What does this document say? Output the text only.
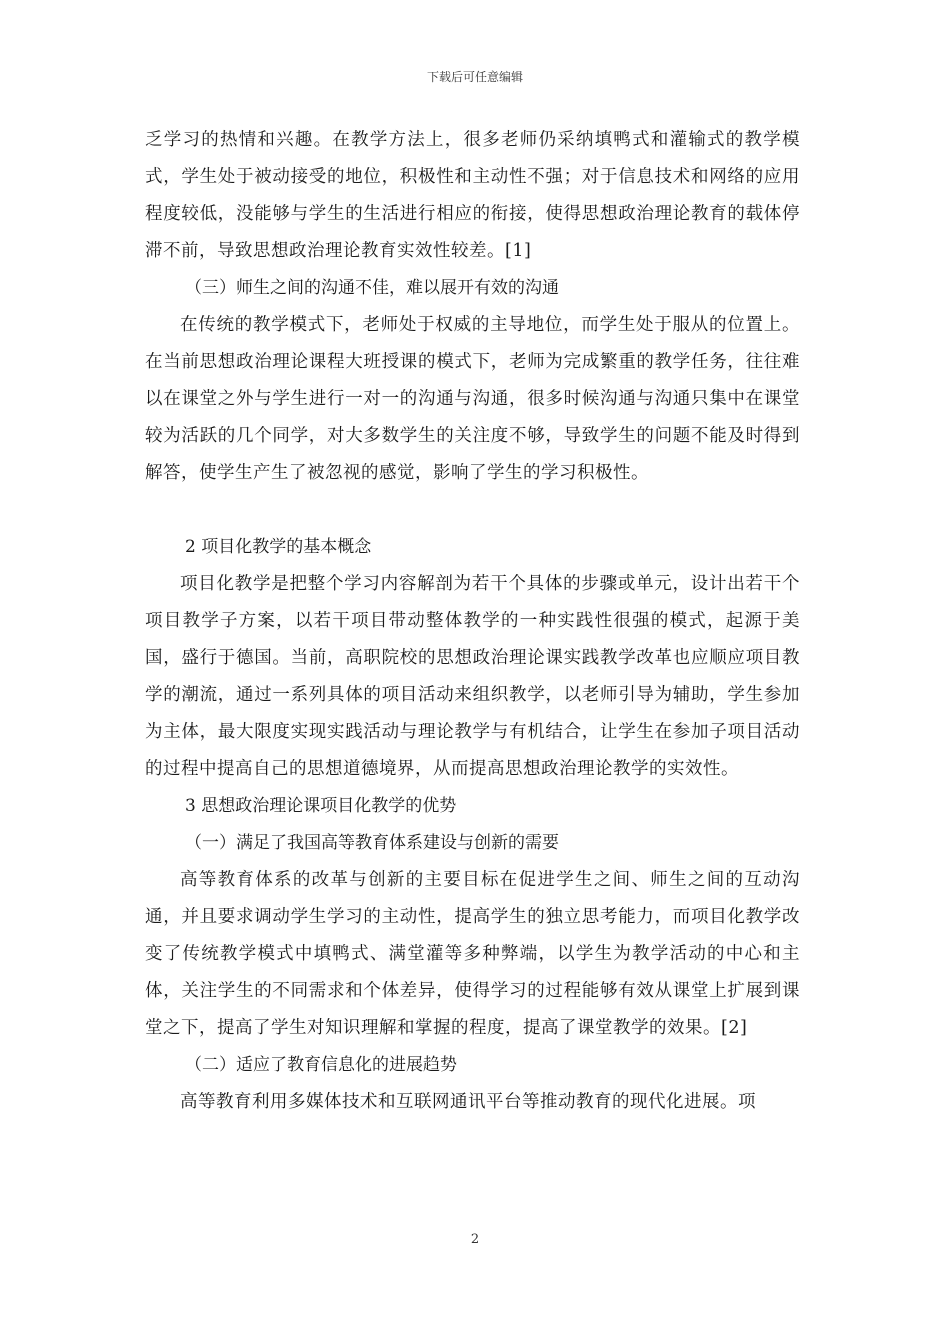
下载后可任意编辑

乏学习的热情和兴趣。在教学方法上，很多老师仍采纳填鸭式和灌输式的教学模式，学生处于被动接受的地位，积极性和主动性不强；对于信息技术和网络的应用程度较低，没能够与学生的生活进行相应的衔接，使得思想政治理论教育的载体停滞不前，导致思想政治理论教育实效性较差。[1]

（三）师生之间的沟通不佳，难以展开有效的沟通

在传统的教学模式下，老师处于权威的主导地位，而学生处于服从的位置上。在当前思想政治理论课程大班授课的模式下，老师为完成繁重的教学任务，往往难以在课堂之外与学生进行一对一的沟通与沟通，很多时候沟通与沟通只集中在课堂较为活跃的几个同学，对大多数学生的关注度不够，导致学生的问题不能及时得到解答，使学生产生了被忽视的感觉，影响了学生的学习积极性。

2 项目化教学的基本概念

项目化教学是把整个学习内容解剖为若干个具体的步骤或单元，设计出若干个项目教学子方案，以若干项目带动整体教学的一种实践性很强的模式，起源于美国，盛行于德国。当前，高职院校的思想政治理论课实践教学改革也应顺应项目教学的潮流，通过一系列具体的项目活动来组织教学，以老师引导为辅助，学生参加为主体，最大限度实现实践活动与理论教学与有机结合，让学生在参加子项目活动的过程中提高自己的思想道德境界，从而提高思想政治理论教学的实效性。

3 思想政治理论课项目化教学的优势

（一）满足了我国高等教育体系建设与创新的需要

高等教育体系的改革与创新的主要目标在促进学生之间、师生之间的互动沟通，并且要求调动学生学习的主动性，提高学生的独立思考能力，而项目化教学改变了传统教学模式中填鸭式、满堂灌等多种弊端，以学生为教学活动的中心和主体，关注学生的不同需求和个体差异，使得学习的过程能够有效从课堂上扩展到课堂之下，提高了学生对知识理解和掌握的程度，提高了课堂教学的效果。[2]

（二）适应了教育信息化的进展趋势

高等教育利用多媒体技术和互联网通讯平台等推动教育的现代化进展。项

2
